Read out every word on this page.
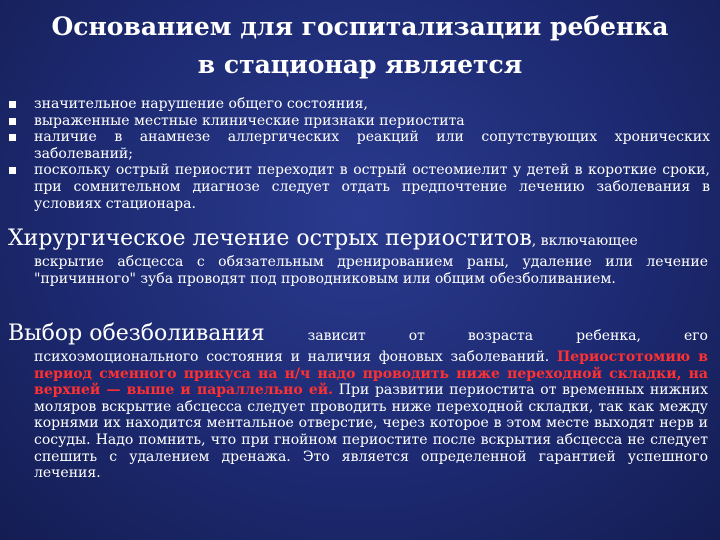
Основанием для госпитализации ребенка в стационар является
значительное нарушение общего состояния,
выраженные местные клинические признаки периостита
наличие в анамнезе аллергических реакций или сопутствующих хронических заболеваний;
поскольку острый периостит переходит в острый остеомиелит у детей в короткие сроки, при сомнительном диагнозе следует отдать предпочтение лечению заболевания в условиях стационара.
Хирургическое лечение острых периоститов, включающее
вскрытие абсцесса с обязательным дренированием раны, удаление или лечение "причинного" зуба проводят под проводниковым или общим обезболиванием.
Выбор обезболивания	зависит	от	возраста	ребенка,	его
психоэмоционального состояния и наличия фоновых заболеваний. Периостотомию в период сменного прикуса на н/ч надо проводить ниже переходной складки, на верхней — выше и параллельно ей. При развитии периостита от временных нижних моляров вскрытие абсцесса следует проводить ниже переходной складки, так как между корнями их находится ментальное отверстие, через которое в этом месте выходят нерв и сосуды. Надо помнить, что при гнойном периостите после вскрытия абсцесса не следует спешить с удалением дренажа. Это является определенной гарантией успешного лечения.
